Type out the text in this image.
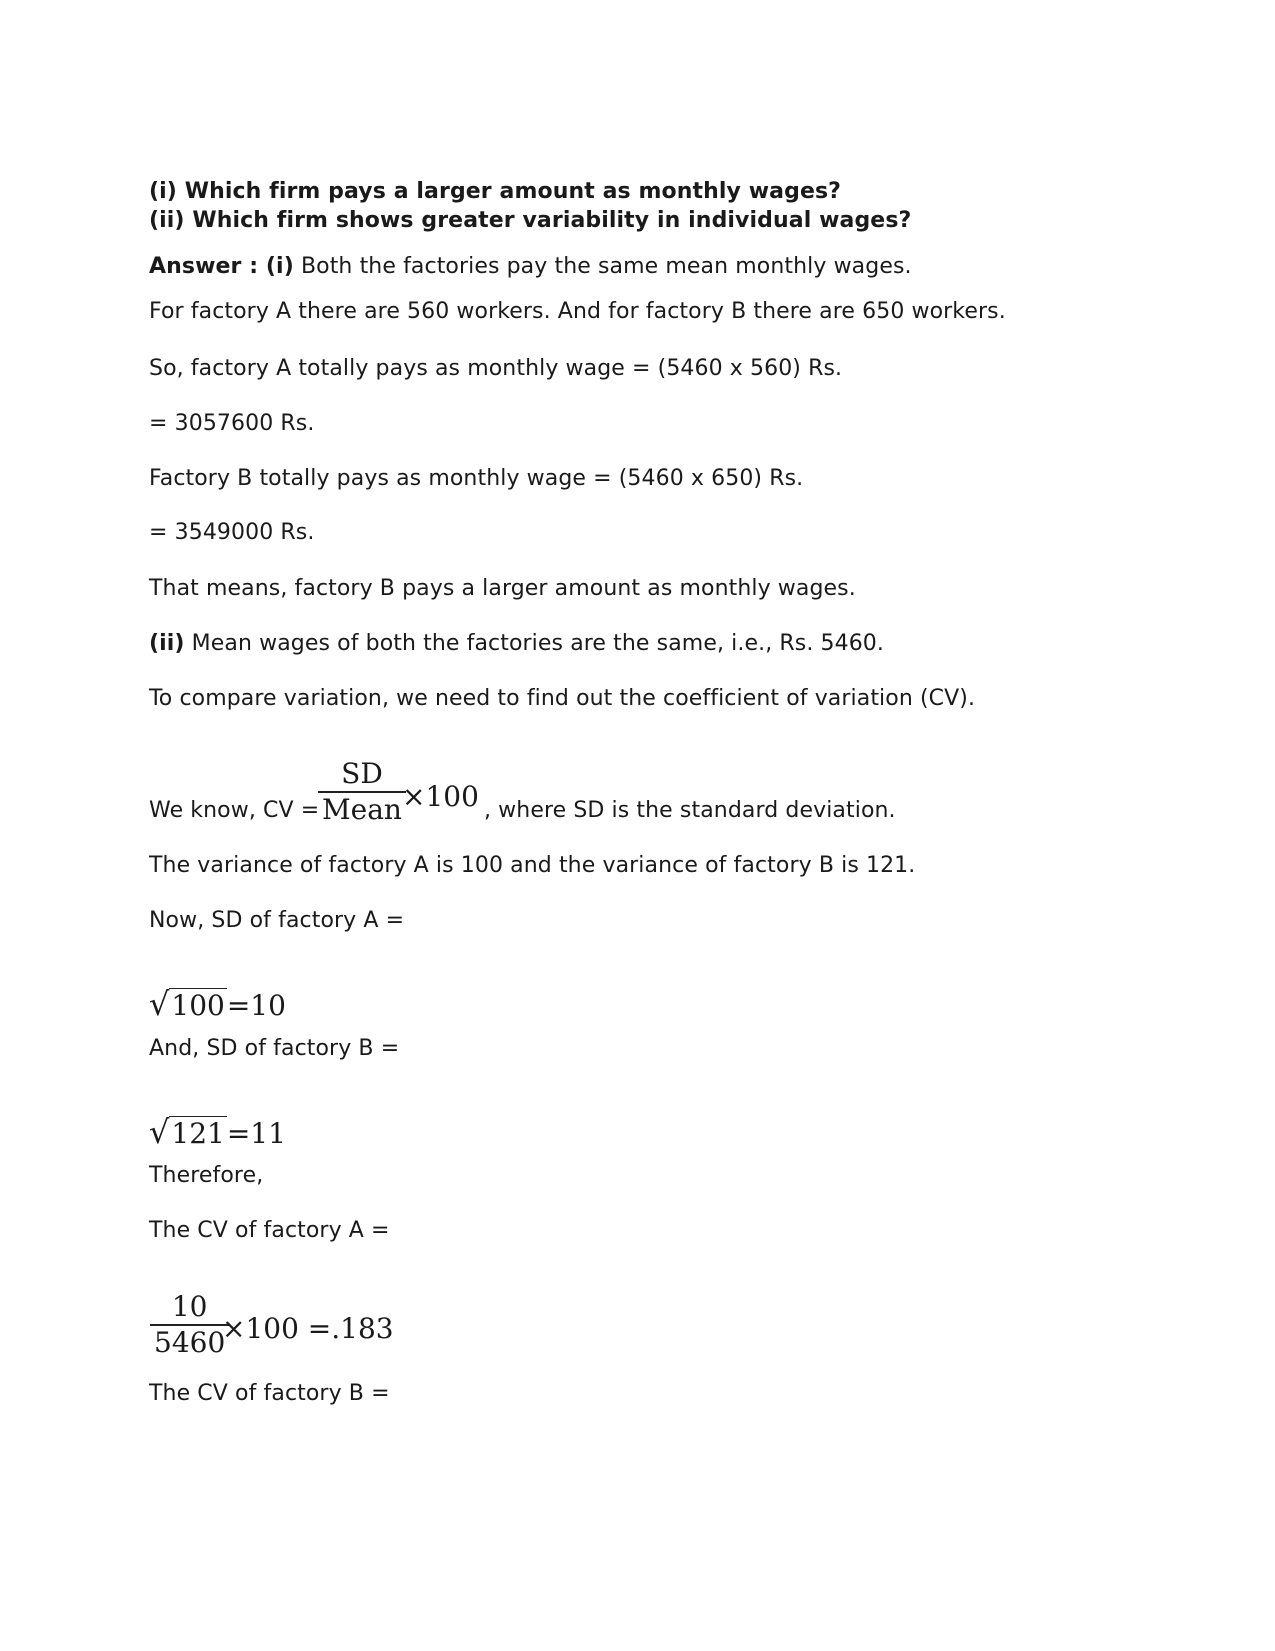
(i) Which firm pays a larger amount as monthly wages?
(ii) Which firm shows greater variability in individual wages?
Answer : (i) Both the factories pay the same mean monthly wages.
For factory A there are 560 workers. And for factory B there are 650 workers.
So, factory A totally pays as monthly wage = (5460 x 560) Rs.
= 3057600 Rs.
Factory B totally pays as monthly wage = (5460 x 650) Rs.
= 3549000 Rs.
That means, factory B pays a larger amount as monthly wages.
(ii) Mean wages of both the factories are the same, i.e., Rs. 5460.
To compare variation, we need to find out the coefficient of variation (CV).
We know, CV =
SD
Mean ×100 , where SD is the standard deviation.
The variance of factory A is 100 and the variance of factory B is 121.
Now, SD of factory A =
√100=10
And, SD of factory B =
√121=11
Therefore,
The CV of factory A =
10
5460
×100 =.183
The CV of factory B =
